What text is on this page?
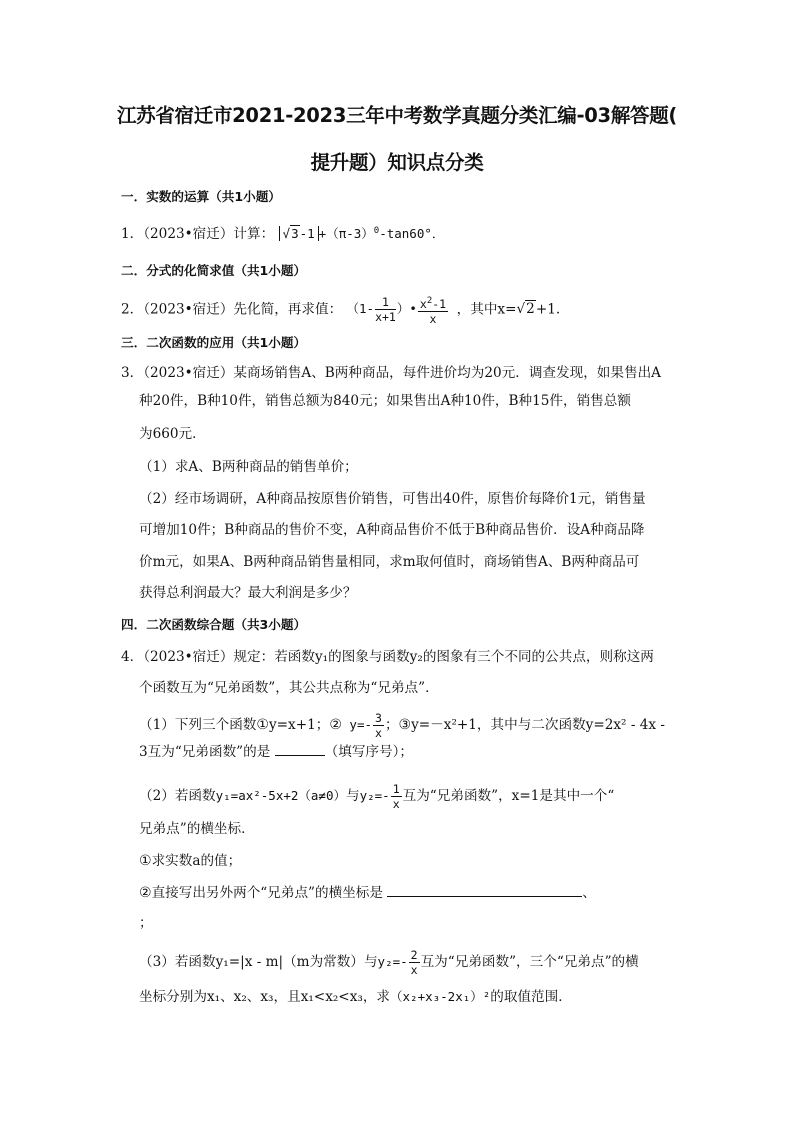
江苏省宿迁市2021-2023三年中考数学真题分类汇编-03解答题(
提升题）知识点分类
一．实数的运算（共1小题）
1．（2023•宿迁）计算： $√3-1 +(\pi-3)^0-\tan 60^\circ$．
二．分式的化简求值（共1小题）
2．（2023•宿迁）先化简，再求值： （$1- \frac{1}{x+1}$ ）• $\frac{x^2-1}{x}$ ，其中x=√2+1.
三．二次函数的应用（共1小题）
3．（2023•宿迁）某商场销售A、B两种商品，每件进价均为20元．调查发现，如果售出A
种20件，B种10件，销售总额为840元；如果售出A种10件，B种15件，销售总额
为660元．
（1）求A、B两种商品的销售单价；
（2）经市场调研，A种商品按原售价销售，可售出40件，原售价每降价1元，销售量
可增加10件；B种商品的售价不变，A种商品售价不低于B种商品售价．设A种商品降
价m元，如果A、B两种商品销售量相同，求m取何值时，商场销售A、B两种商品可
获得总利润最大？最大利润是多少？
四．二次函数综合题（共3小题）
4．（2023•宿迁）规定：若函数y₁的图象与函数y₂的图象有三个不同的公共点，则称这两
个函数互为“兄弟函数”，其公共点称为“兄弟点”．
（1）下列三个函数①y=x+1；② $y=- \frac{3}{x}$ ；③y=－x²+1，其中与二次函数y=2x² - 4x -
3互为“兄弟函数”的是	（填写序号）；
（2）若函数y₁=ax²-5x+2（a≠0）与$y_2=- \frac{1}{x}$ 互为“兄弟函数”，x=1是其中一个“
兄弟点”的横坐标．
①求实数a的值；
②直接写出另外两个“兄弟点”的横坐标是	、
；
（3）若函数y₁=|x - m|（m为常数）与$y_2=- \frac{2}{x}$ 互为“兄弟函数”，三个“兄弟点”的横
坐标分别为x₁、x₂、x₃，且x₁<x₂<x₃，求（x₂+x₃-2x₁）²的取值范围．
